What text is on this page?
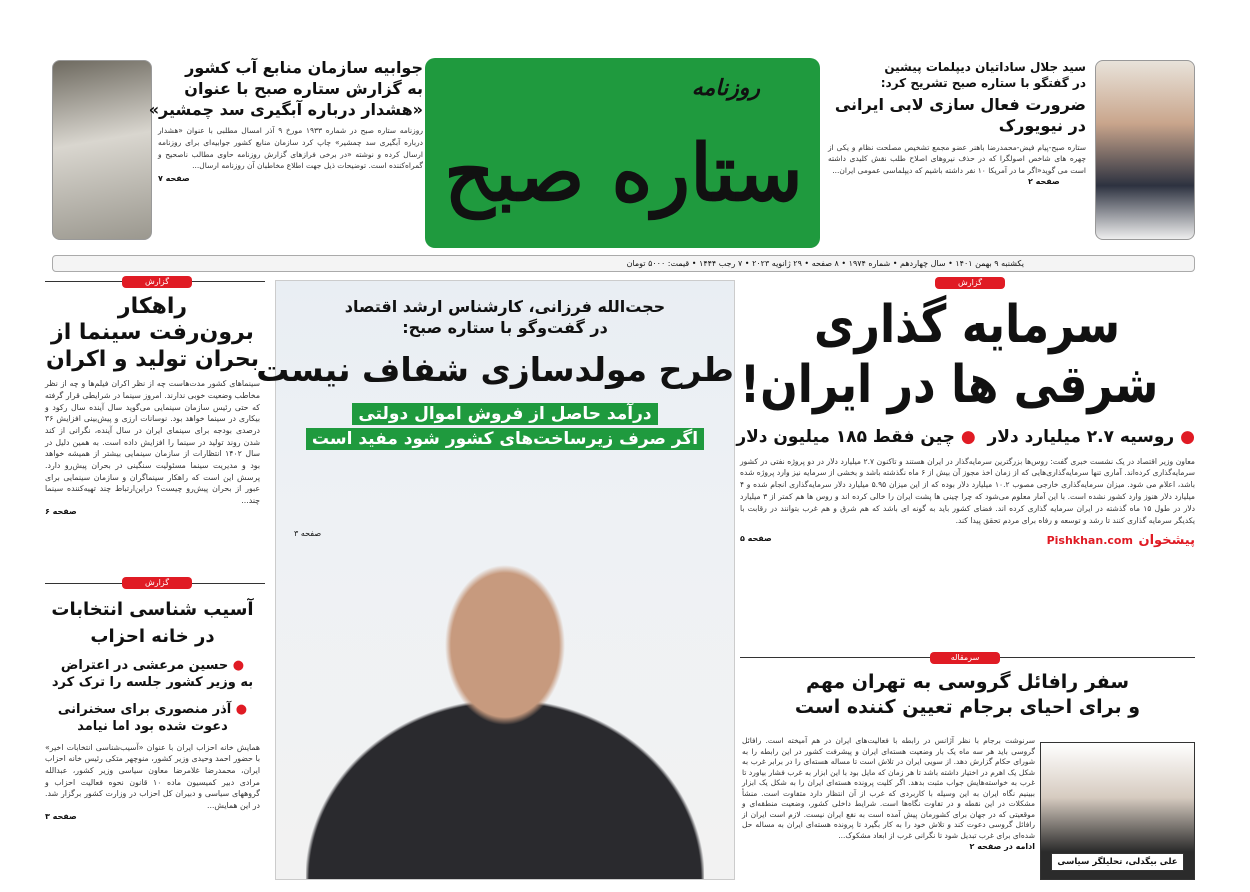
جوابیه سازمان منابع آب کشور
به گزارش ستاره صبح با عنوان
«هشدار درباره آبگیری سد چمشیر»
روزنامه ستاره صبح در شماره ۱۹۳۳ مورخ ۹ آذر امسال مطلبی با عنوان «هشدار درباره آبگیری سد چمشیر» چاپ کرد سازمان منابع کشور جوابیه‌ای برای روزنامه ارسال کرده و نوشته «در برخی فرازهای گزارش روزنامه حاوی مطالب ناصحیح و گمراه‌کننده است. توضیحات ذیل جهت اطلاع مخاطبان آن روزنامه ارسال...
صفحه ۷
روزنامه
ستاره صبح
سید جلال ساداتیان دیپلمات پیشین
در گفتگو با ستاره صبح تشریح کرد:
ضرورت فعال سازی لابی ایرانی
در نیویورک
ستاره صبح-پیام فیض-محمدرضا باهنر عضو مجمع تشخیص مصلحت نظام و یکی از چهره های شاخص اصولگرا که در حذف نیروهای اصلاح طلب نقش کلیدی داشته است می گوید«اگر ما در آمریکا ۱۰ نفر داشته باشیم که دیپلماسی عمومی ایران...
صفحه ۲
یکشنبه ۹ بهمن ۱۴۰۱ • سال چهاردهم • شماره ۱۹۷۴ • ۸ صفحه • ۲۹ ژانویه ۲۰۲۳ • ۷ رجب ۱۴۴۴ • قیمت: ۵۰۰۰ تومان
گزارش
سرمایه گذاری
شرقی ها در ایران!
● روسیه ۲.۷ میلیارد دلار  ● چین فقط ۱۸۵ میلیون دلار
معاون وزیر اقتصاد در یک نشست خبری گفت: روس‌ها بزرگترین سرمایه‌گذار در ایران هستند و تاکنون ۲.۷ میلیارد دلار در دو پروژه نفتی در کشور سرمایه‌گذاری کرده‌اند. آماری تنها سرمایه‌گذاری‌هایی که از زمان اخذ مجوز آن بیش از ۶ ماه نگذشته باشد و بخشی از سرمایه نیز وارد پروژه شده باشد، اعلام می شود. میزان سرمایه‌گذاری خارجی مصوب ۱۰.۲ میلیارد دلار بوده که از این میزان ۵.۹۵ میلیارد دلار سرمایه‌گذاری انجام شده و ۴ میلیارد دلار هنوز وارد کشور نشده است. با این آمار معلوم می‌شود که چرا چینی ها پشت ایران را خالی کرده اند و روس ها هم کمتر از ۳ میلیارد دلار در طول ۱۵ ماه گذشته در ایران سرمایه گذاری کرده اند. فضای کشور باید به گونه ای باشد که هم شرق و هم غرب بتوانند در رقابت با یکدیگر سرمایه گذاری کنند تا رشد و توسعه و رفاه برای مردم تحقق پیدا کند.
پیشخوان Pishkhan.com
صفحه ۵
سرمقاله
سفر رافائل گروسی به تهران مهم
و برای احیای برجام تعیین کننده است
سرنوشت برجام با نظر آژانس در رابطه با فعالیت‌های ایران در هم آمیخته است. رافائل گروسی باید هر سه ماه یک بار وضعیت هسته‌ای ایران و پیشرفت کشور در این رابطه را به شورای حکام گزارش دهد. از سویی ایران در تلاش است تا مساله هسته‌ای را در برابر غرب به شکل یک اهرم در اختیار داشته باشد تا هر زمان که مایل بود با این ابزار به غرب فشار بیاورد تا غرب به خواسته‌هایش جواب مثبت بدهد. اگر کلیت پرونده هسته‌ای ایران را به شکل یک ابزار ببینیم نگاه ایران به این وسیله با کاربردی که غرب از آن انتظار دارد متفاوت است. منشأ مشکلات در این نقطه و در تفاوت نگاه‌ها است. شرایط داخلی کشور، وضعیت منطقه‌ای و موقعیتی که در جهان برای کشورمان پیش آمده است به نفع ایران نیست. لازم است ایران از رافائل گروسی دعوت کند و تلاش خود را به کار بگیرد تا پرونده هسته‌ای ایران به مساله حل شده‌ای برای غرب تبدیل شود تا نگرانی غرب از ابعاد مشکوک...
ادامه در صفحه ۲
علی بیگدلی، تحلیلگر سیاسی
حجت‌الله فرزانی، کارشناس ارشد اقتصاد
در گفت‌وگو با ستاره صبح:
طرح مولدسازی شفاف نیست
درآمد حاصل از فروش اموال دولتی
اگر صرف زیرساخت‌های کشور شود مفید است
صفحه ۳
گزارش
راهکار
برون‌رفت سینما از
بحران تولید و اکران
سینماهای کشور مدت‌هاست چه از نظر اکران فیلم‌ها و چه از نظر مخاطب وضعیت خوبی ندارند. امروز سینما در شرایطی قرار گرفته که حتی رئیس سازمان سینمایی می‌گوید سال آینده سال رکود و بیکاری در سینما خواهد بود. نوسانات ارزی و پیش‌بینی افزایش ۳۶ درصدی بودجه برای سینمای ایران در سال آینده، نگرانی از کند شدن روند تولید در سینما را افزایش داده است. به همین دلیل در سال ۱۴۰۲ انتظارات از سازمان سینمایی بیشتر از همیشه خواهد بود و مدیریت سینما مسئولیت سنگینی در بحران پیش‌رو دارد. پرسش این است که راهکار سینماگران و سازمان سینمایی برای عبور از بحران پیش‌رو چیست؟ دراین‌ارتباط چند تهیه‌کننده سینما چند...
صفحه ۶
گزارش
آسیب شناسی انتخابات
در خانه احزاب
● حسین مرعشی در اعتراض
به وزیر کشور جلسه را ترک کرد
● آذر منصوری برای سخنرانی
دعوت شده بود اما نیامد
همایش خانه احزاب ایران با عنوان «آسیب‌شناسی انتخابات اخیر» با حضور احمد وحیدی وزیر کشور، منوچهر متکی رئیس خانه احزاب ایران، محمدرضا غلامرضا معاون سیاسی وزیر کشور، عبدالله مرادی دبیر کمیسیون ماده ۱۰ قانون نحوه فعالیت احزاب و گروههای سیاسی و دبیران کل احزاب در وزارت کشور برگزار شد. در این همایش...
صفحه ۳
